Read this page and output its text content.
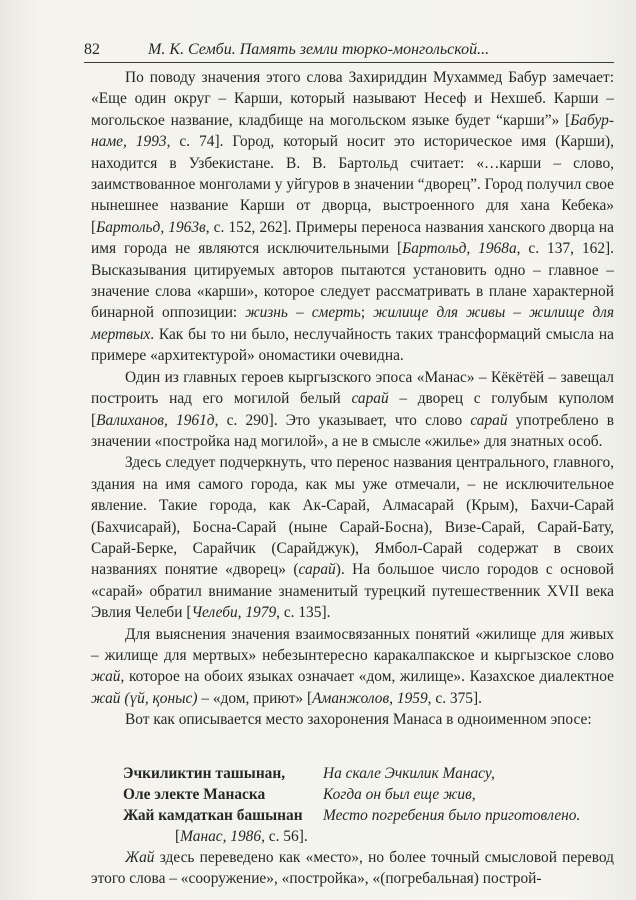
82	М. К. Семби. Память земли тюрко-монгольской...

По поводу значения этого слова Захириддин Мухаммед Бабур замечает: «Еще один округ – Карши, который называют Несеф и Нехшеб. Карши – могольское название, кладбище на могольском языке будет “карши”» [Бабур-наме, 1993, с. 74]. Город, который носит это историческое имя (Карши), находится в Узбекистане. В. В. Бартольд считает: «…карши – слово, заимствованное монголами у уйгуров в значении “дворец”. Город получил свое нынешнее название Карши от дворца, выстроенного для хана Кебека» [Бартольд, 1963в, с. 152, 262]. Примеры переноса названия ханского дворца на имя города не являются исключительными [Бартольд, 1968а, с. 137, 162]. Высказывания цитируемых авторов пытаются установить одно – главное – значение слова «карши», которое следует рассматривать в плане характерной бинарной оппозиции: жизнь – смерть; жилище для живы – жилище для мертвых. Как бы то ни было, неслучайность таких трансформаций смысла на примере «архитектурой» ономастики очевидна.

Один из главных героев кыргызского эпоса «Манас» – Кёкётёй – завещал построить над его могилой белый сарай – дворец с голубым куполом [Валиханов, 1961д, с. 290]. Это указывает, что слово сарай употреблено в значении «постройка над могилой», а не в смысле «жилье» для знатных особ.

Здесь следует подчеркнуть, что перенос названия центрального, главного, здания на имя самого города, как мы уже отмечали, – не исключительное явление. Такие города, как Ак-Сарай, Алмасарай (Крым), Бахчи-Сарай (Бахчисарай), Босна-Сарай (ныне Сарай-Босна), Визе-Сарай, Сарай-Бату, Сарай-Берке, Сарайчик (Сарайджук), Ямбол-Сарай содержат в своих названиях понятие «дворец» (сарай). На большое число городов с основой «сарай» обратил внимание знаменитый турецкий путешественник XVII века Эвлия Челеби [Челеби, 1979, с. 135].

Для выяснения значения взаимосвязанных понятий «жилище для живых – жилище для мертвых» небезынтересно каракалпакское и кыргызское слово жай, которое на обоих языках означает «дом, жилище». Казахское диалектное жай (үй, қоныс) – «дом, приют» [Аманжолов, 1959, с. 375].

Вот как описывается место захоронения Манаса в одноименном эпосе:

Эчкиликтин ташынан,	На скале Эчкилик Манасу,
Оле электе Манаска	Когда он был еще жив,
Жай камдаткан башынан	Место погребения было приготовлено.
[Манас, 1986, с. 56].

Жай здесь переведено как «место», но более точный смысловой перевод этого слова – «сооружение», «постройка», «(погребальная) построй-
